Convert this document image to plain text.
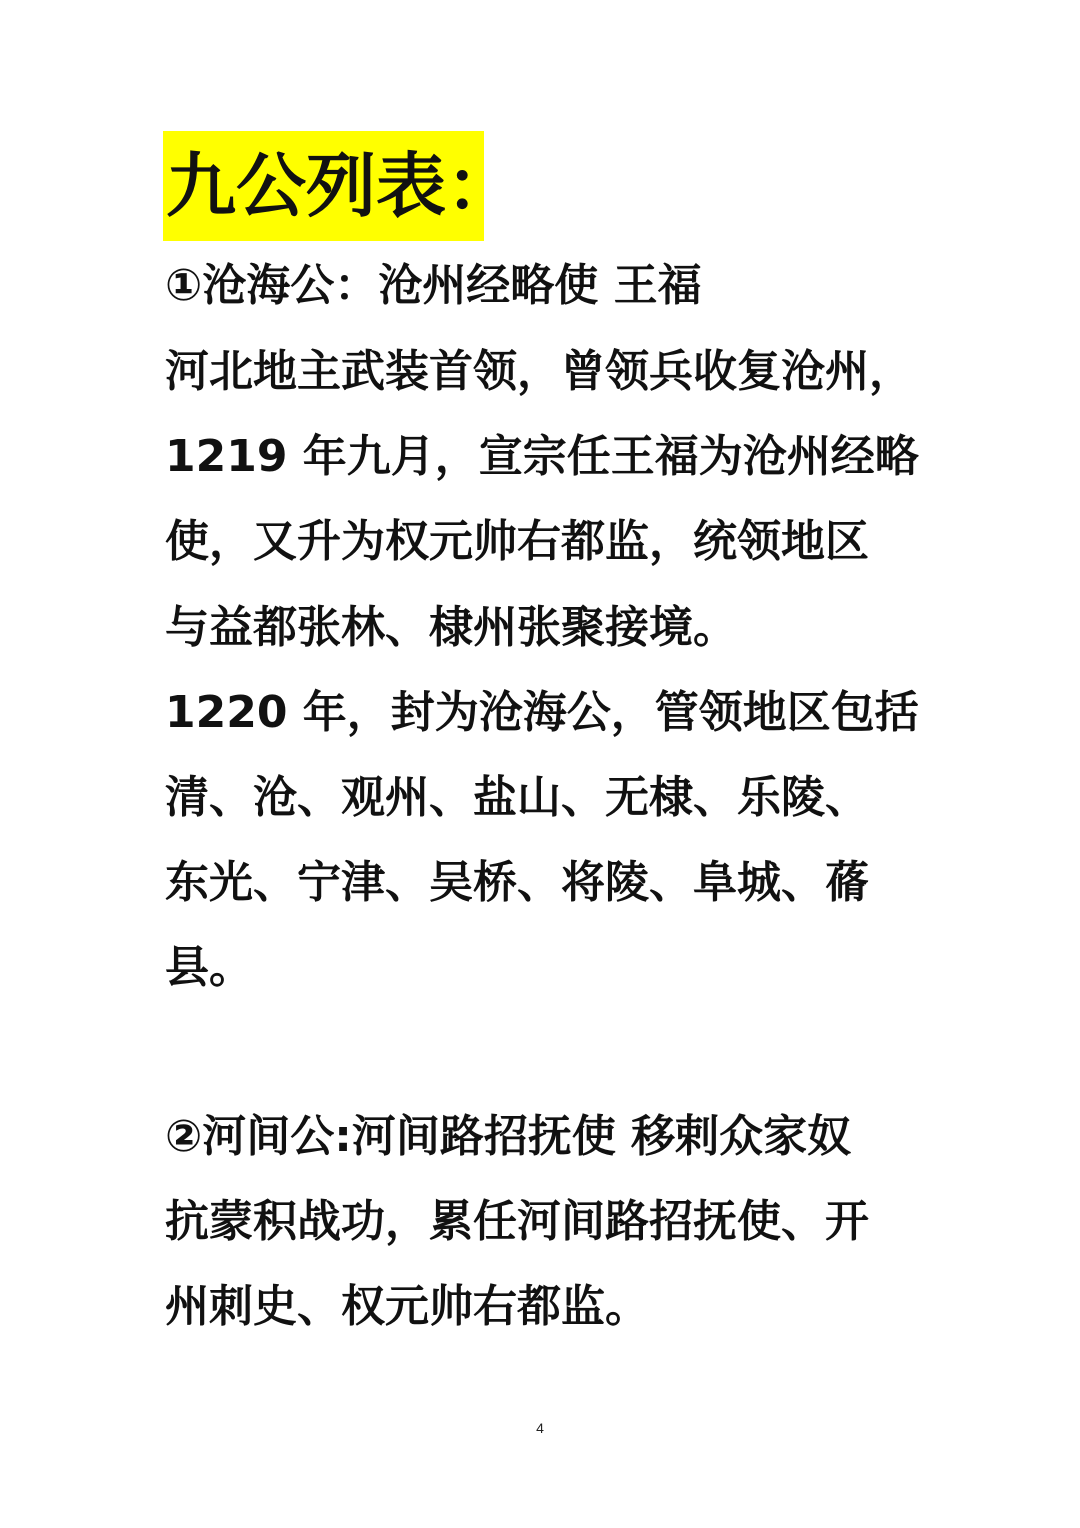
九公列表：
①沧海公：沧州经略使 王福
河北地主武装首领，曾领兵收复沧州，
1219 年九月，宣宗任王福为沧州经略
使，又升为权元帅右都监，统领地区
与益都张林、棣州张聚接境。
1220 年，封为沧海公，管领地区包括
清、沧、观州、盐山、无棣、乐陵、
东光、宁津、吴桥、将陵、阜城、蓨
县。
②河间公:河间路招抚使 移剌众家奴
抗蒙积战功，累任河间路招抚使、开
州刺史、权元帅右都监。
4
